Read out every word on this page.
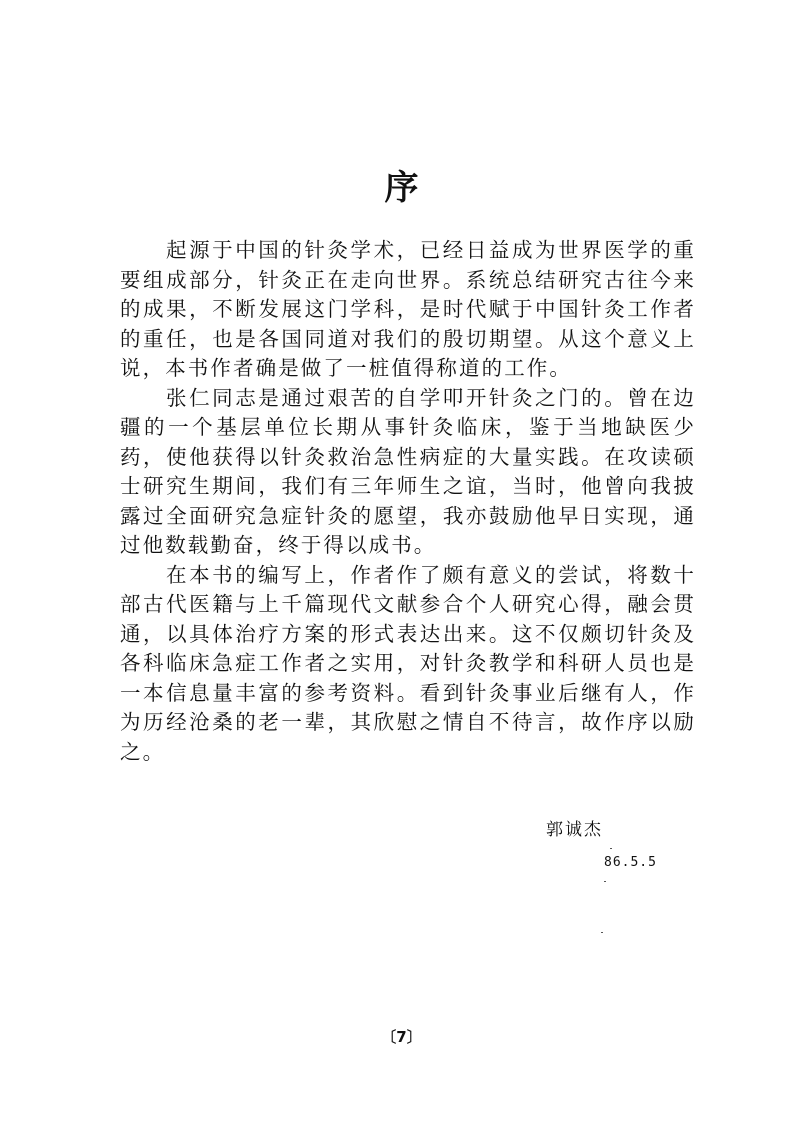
序

起源于中国的针灸学术，已经日益成为世界医学的重要组成部分，针灸正在走向世界。系统总结研究古往今来的成果，不断发展这门学科，是时代赋于中国针灸工作者的重任，也是各国同道对我们的殷切期望。从这个意义上说，本书作者确是做了一桩值得称道的工作。

张仁同志是通过艰苦的自学叩开针灸之门的。曾在边疆的一个基层单位长期从事针灸临床，鉴于当地缺医少药，使他获得以针灸救治急性病症的大量实践。在攻读硕士研究生期间，我们有三年师生之谊，当时，他曾向我披露过全面研究急症针灸的愿望，我亦鼓励他早日实现，通过他数载勤奋，终于得以成书。

在本书的编写上，作者作了颇有意义的尝试，将数十部古代医籍与上千篇现代文献参合个人研究心得，融会贯通，以具体治疗方案的形式表达出来。这不仅颇切针灸及各科临床急症工作者之实用，对针灸教学和科研人员也是一本信息量丰富的参考资料。看到针灸事业后继有人，作为历经沧桑的老一辈，其欣慰之情自不待言，故作序以励之。

郭诚杰
86.5.5
〔7〕
